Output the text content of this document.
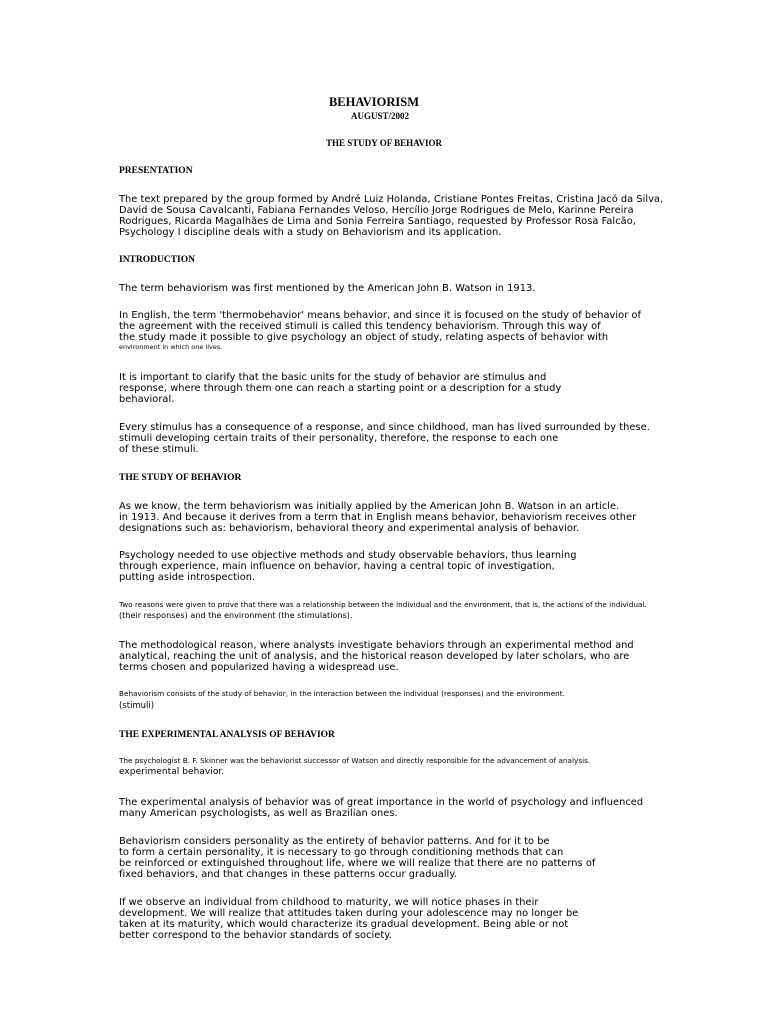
BEHAVIORISM
AUGUST/2002
THE STUDY OF BEHAVIOR
PRESENTATION
The text prepared by the group formed by André Luiz Holanda, Cristiane Pontes Freitas, Cristina Jacó da Silva,
David de Sousa Cavalcanti, Fabiana Fernandes Veloso, Hercílio Jorge Rodrigues de Melo, Karinne Pereira
Rodrigues, Ricarda Magalhães de Lima and Sonia Ferreira Santiago, requested by Professor Rosa Falcão,
Psychology I discipline deals with a study on Behaviorism and its application.
INTRODUCTION
The term behaviorism was first mentioned by the American John B. Watson in 1913.
In English, the term 'thermobehavior' means behavior, and since it is focused on the study of behavior of
the agreement with the received stimuli is called this tendency behaviorism. Through this way of
the study made it possible to give psychology an object of study, relating aspects of behavior with
environment in which one lives.
It is important to clarify that the basic units for the study of behavior are stimulus and
response, where through them one can reach a starting point or a description for a study
behavioral.
Every stimulus has a consequence of a response, and since childhood, man has lived surrounded by these.
stimuli developing certain traits of their personality, therefore, the response to each one
of these stimuli.
THE STUDY OF BEHAVIOR
As we know, the term behaviorism was initially applied by the American John B. Watson in an article.
in 1913. And because it derives from a term that in English means behavior, behaviorism receives other
designations such as: behaviorism, behavioral theory and experimental analysis of behavior.
Psychology needed to use objective methods and study observable behaviors, thus learning
through experience, main influence on behavior, having a central topic of investigation,
putting aside introspection.
Two reasons were given to prove that there was a relationship between the individual and the environment, that is, the actions of the individual.
(their responses) and the environment (the stimulations).
The methodological reason, where analysts investigate behaviors through an experimental method and
analytical, reaching the unit of analysis, and the historical reason developed by later scholars, who are
terms chosen and popularized having a widespread use.
Behaviorism consists of the study of behavior, in the interaction between the individual (responses) and the environment.
(stimuli)
THE EXPERIMENTAL ANALYSIS OF BEHAVIOR
The psychologist B. F. Skinner was the behaviorist successor of Watson and directly responsible for the advancement of analysis.
experimental behavior.
The experimental analysis of behavior was of great importance in the world of psychology and influenced
many American psychologists, as well as Brazilian ones.
Behaviorism considers personality as the entirety of behavior patterns. And for it to be
to form a certain personality, it is necessary to go through conditioning methods that can
be reinforced or extinguished throughout life, where we will realize that there are no patterns of
fixed behaviors, and that changes in these patterns occur gradually.
If we observe an individual from childhood to maturity, we will notice phases in their
development. We will realize that attitudes taken during your adolescence may no longer be
taken at its maturity, which would characterize its gradual development. Being able or not
better correspond to the behavior standards of society.
